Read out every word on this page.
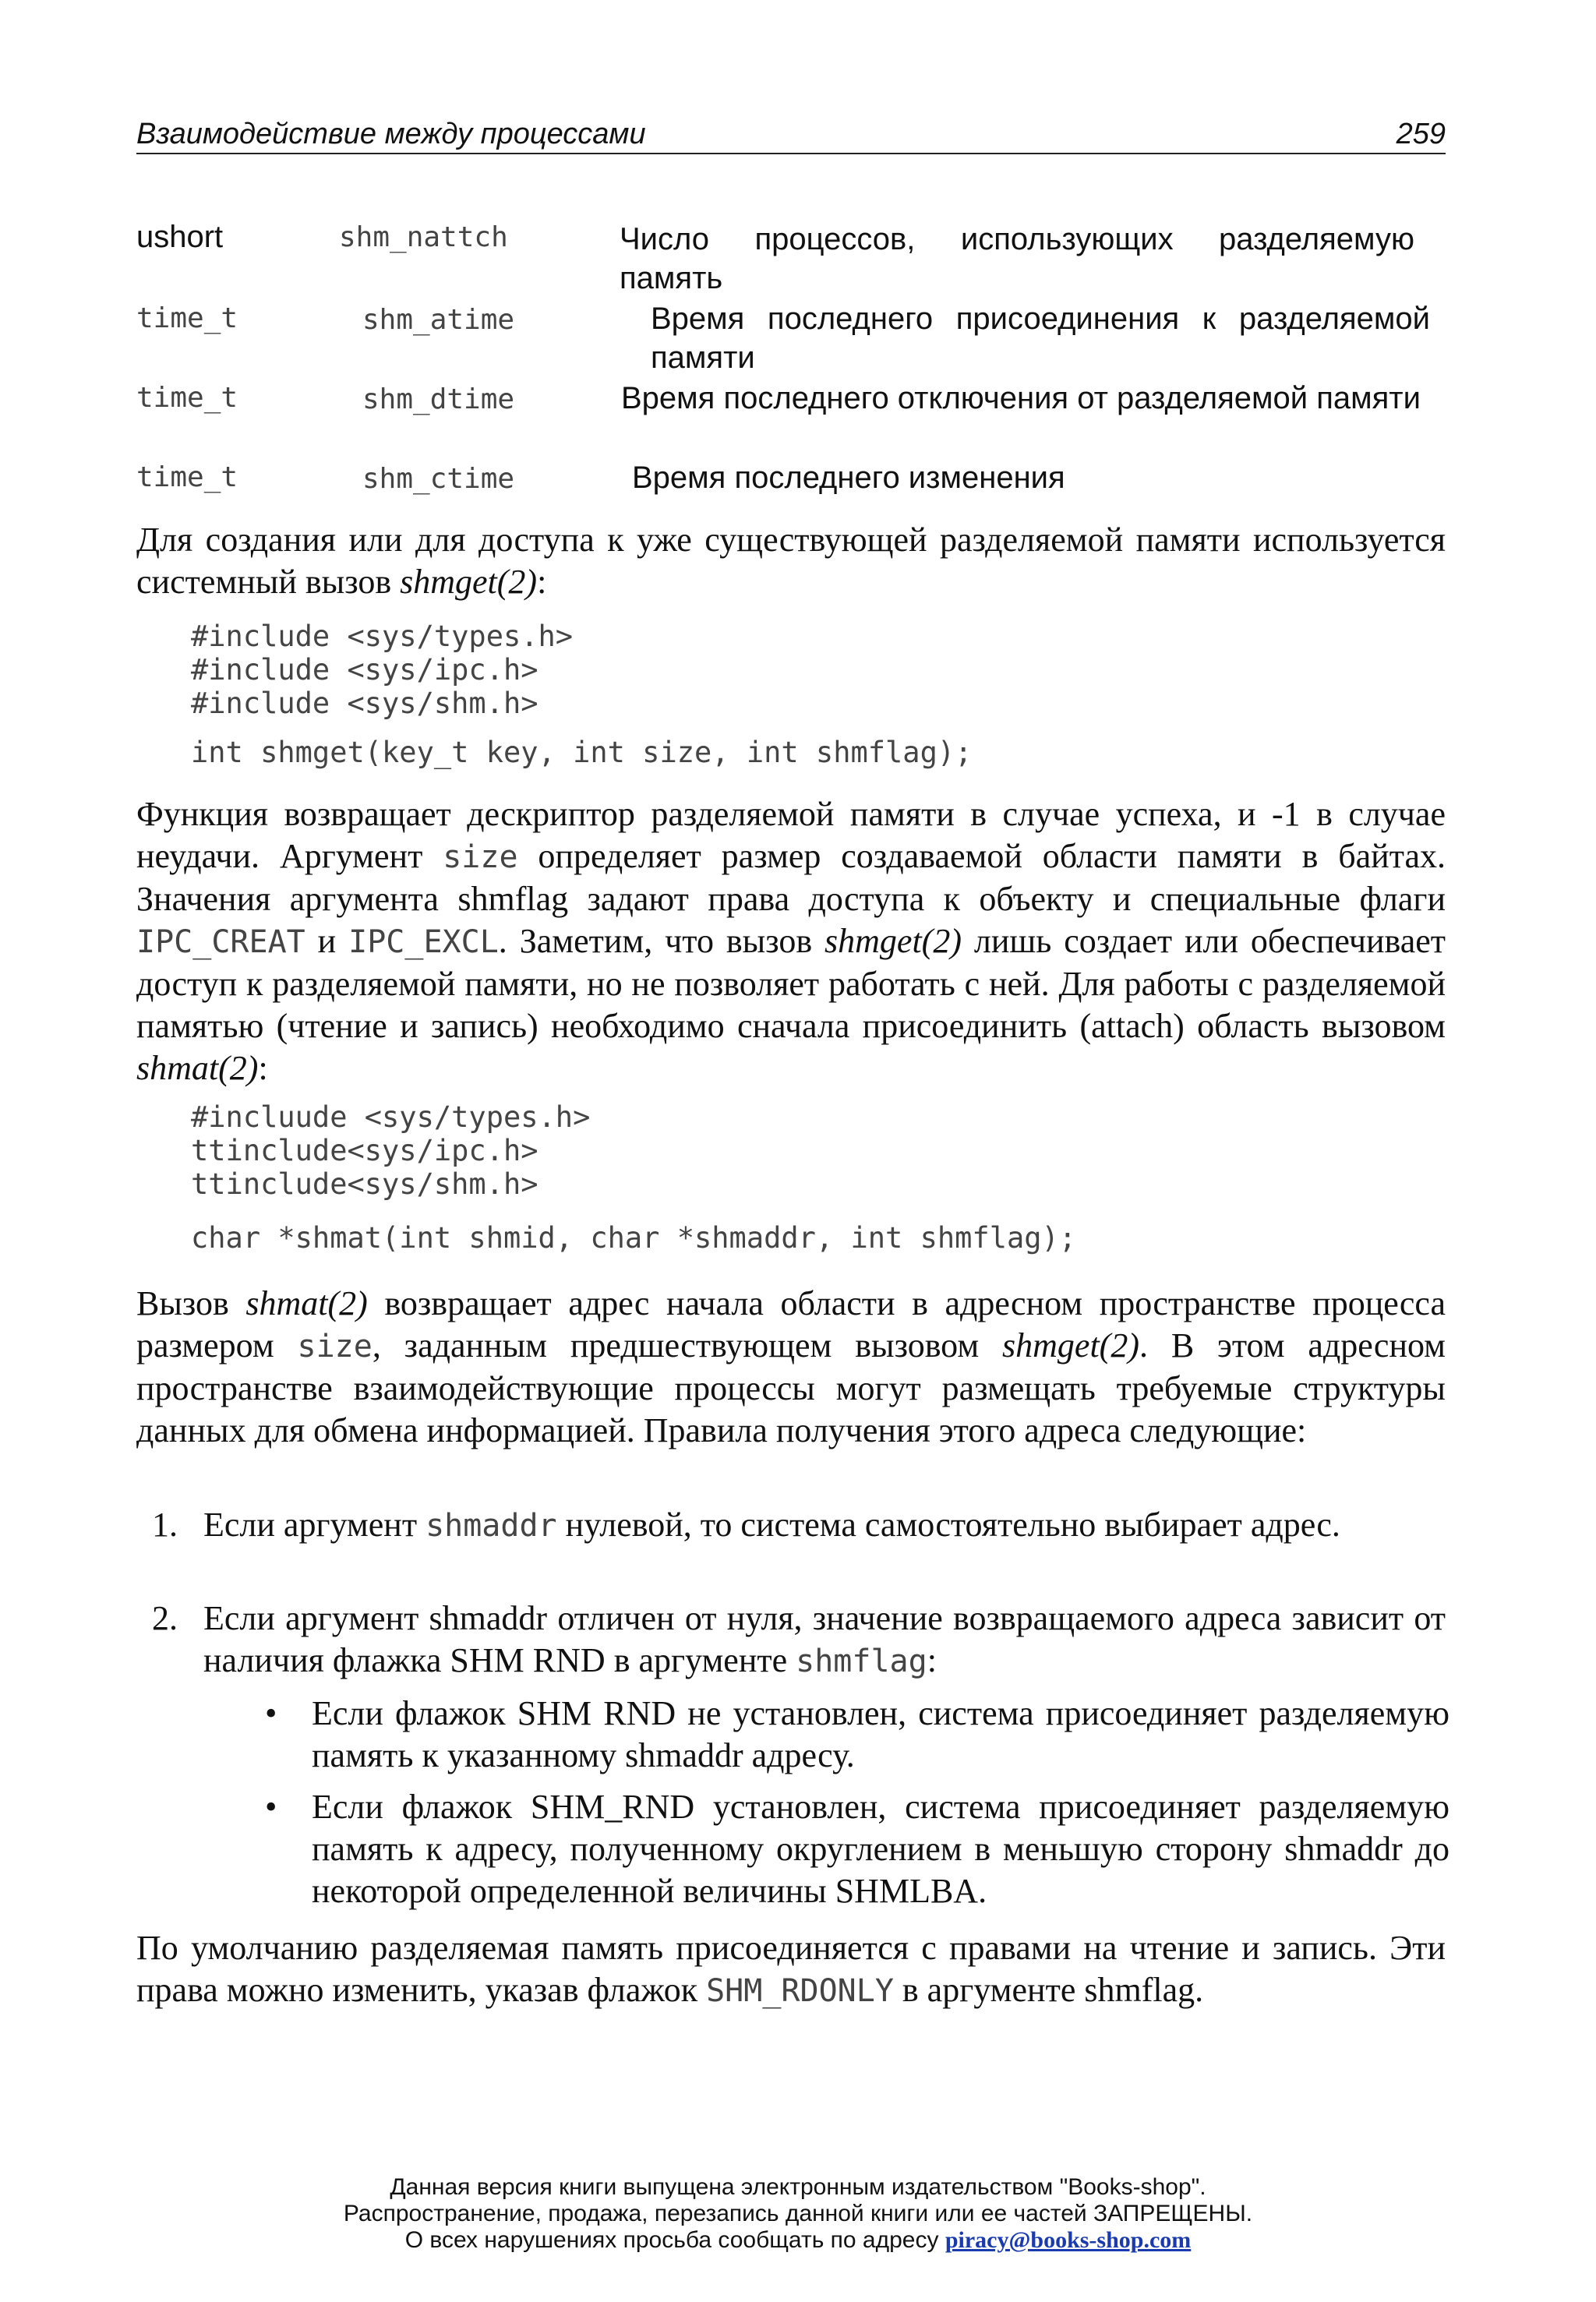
Взаимодействие между процессами	259
ushort	shm_nattch	Число процессов, использующих разделяемую память
time_t	shm_atime	Время последнего присоединения к разделяемой памяти
time_t	shm_dtime	Время последнего отключения от разделяемой памяти
time_t	shm_ctime	Время последнего изменения
Для создания или для доступа к уже существующей разделяемой памяти используется системный вызов shmget(2):
#include <sys/types.h>
#include <sys/ipc.h>
#include <sys/shm.h>
int shmget(key_t key, int size, int shmflag);
Функция возвращает дескриптор разделяемой памяти в случае успеха, и -1 в случае неудачи. Аргумент size определяет размер создаваемой области памяти в байтах. Значения аргумента shmflag задают права доступа к объекту и специальные флаги IPC_CREAT и IPC_EXCL. Заметим, что вызов shmget(2) лишь создает или обеспечивает доступ к разделяемой памяти, но не позволяет работать с ней. Для работы с разделяемой памятью (чтение и запись) необходимо сначала присоединить (attach) область вызовом shmat(2):
#incluude <sys/types.h>
ttinclude<sys/ipc.h>
ttinclude<sys/shm.h>
char *shmat(int shmid, char *shmaddr, int shmflag);
Вызов shmat(2) возвращает адрес начала области в адресном пространстве процесса размером size, заданным предшествующем вызовом shmget(2). В этом адресном пространстве взаимодействующие процессы могут размещать требуемые структуры данных для обмена информацией. Правила получения этого адреса следующие:
1. Если аргумент shmaddr нулевой, то система самостоятельно выбирает адрес.
2. Если аргумент shmaddr отличен от нуля, значение возвращаемого адреса зависит от наличия флажка SHM RND в аргументе shmflag:
• Если флажок SHM RND не установлен, система присоединяет разделяемую память к указанному shmaddr адресу.
• Если флажок SHM_RND установлен, система присоединяет разделяемую память к адресу, полученному округлением в меньшую сторону shmaddr до некоторой определенной величины SHMLBA.
По умолчанию разделяемая память присоединяется с правами на чтение и запись. Эти права можно изменить, указав флажок SHM_RDONLY в аргументе shmflag.
Данная версия книги выпущена электронным издательством "Books-shop".
Распространение, продажа, перезапись данной книги или ее частей ЗАПРЕЩЕНЫ.
О всех нарушениях просьба сообщать по адресу piracy@books-shop.com
